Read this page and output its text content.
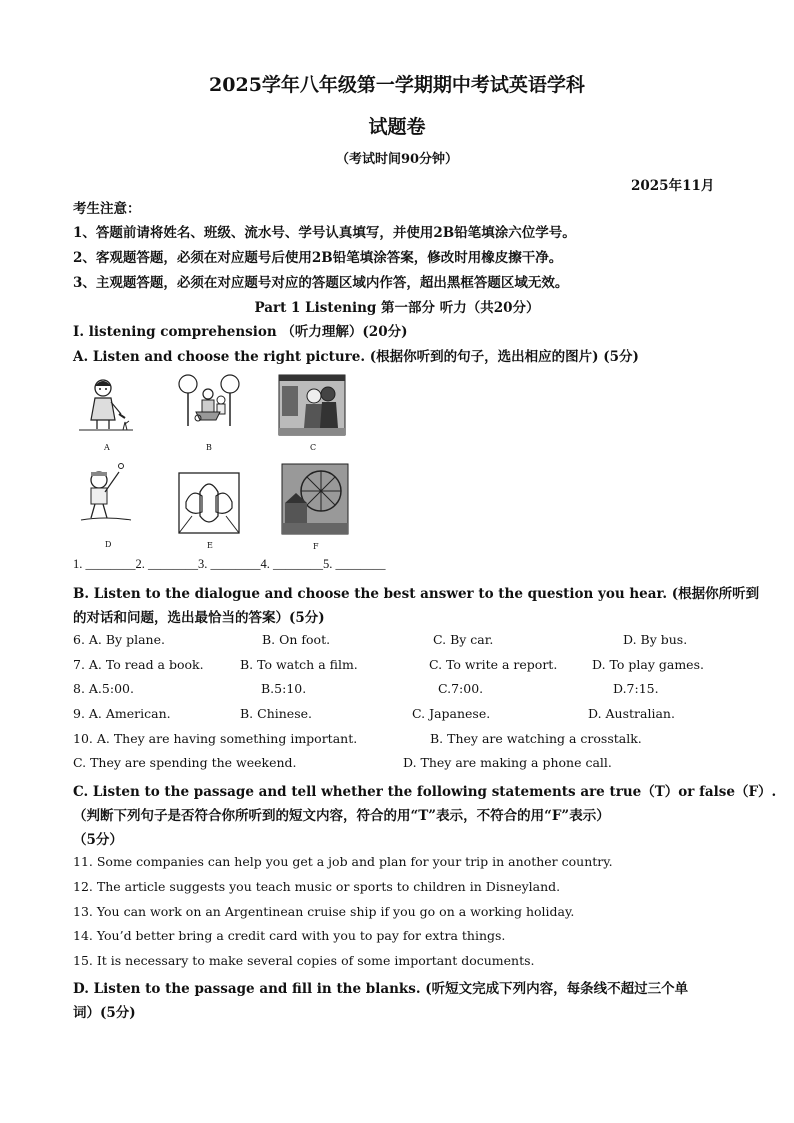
2025学年八年级第一学期期中考试英语学科
试题卷
（考试时间90分钟）
2025年11月
考生注意：
1、答题前请将姓名、班级、流水号、学号认真填写，并使用2B铅笔填涂六位学号。
2、客观题答题，必须在对应题号后使用2B铅笔填涂答案，修改时用橡皮擦干净。
3、主观题答题，必须在对应题号对应的答题区域内作答，超出黑框答题区域无效。
Part 1 Listening 第一部分 听力（共20分）
Ⅰ. listening comprehension （听力理解）(20分)
A. Listen and choose the right picture. (根据你听到的句子，选出相应的图片) (5分)
A	B	C
D	E	F
1. ________2. ________3. ________4. ________5. ________
B. Listen to the dialogue and choose the best answer to the question you hear. (根据你所听到
的对话和问题，选出最恰当的答案）(5分)
6. A. By plane.	B. On foot.	C. By car.	D. By bus.
7. A. To read a book.	B. To watch a film.	C. To write a report.	D. To play games.
8. A.5:00.	B.5:10.	C.7:00.	D.7:15.
9. A. American.	B. Chinese.	C. Japanese.	D. Australian.
10. A. They are having something important.	B. They are watching a crosstalk.
C. They are spending the weekend.	D. They are making a phone call.
C. Listen to the passage and tell whether the following statements are true（T）or false（F）.
（判断下列句子是否符合你所听到的短文内容，符合的用“T”表示，不符合的用“F”表示）
（5分）
11. Some companies can help you get a job and plan for your trip in another country.
12. The article suggests you teach music or sports to children in Disneyland.
13. You can work on an Argentinean cruise ship if you go on a working holiday.
14. You’d better bring a credit card with you to pay for extra things.
15. It is necessary to make several copies of some important documents.
D. Listen to the passage and fill in the blanks. (听短文完成下列内容，每条线不超过三个单
词）(5分)
